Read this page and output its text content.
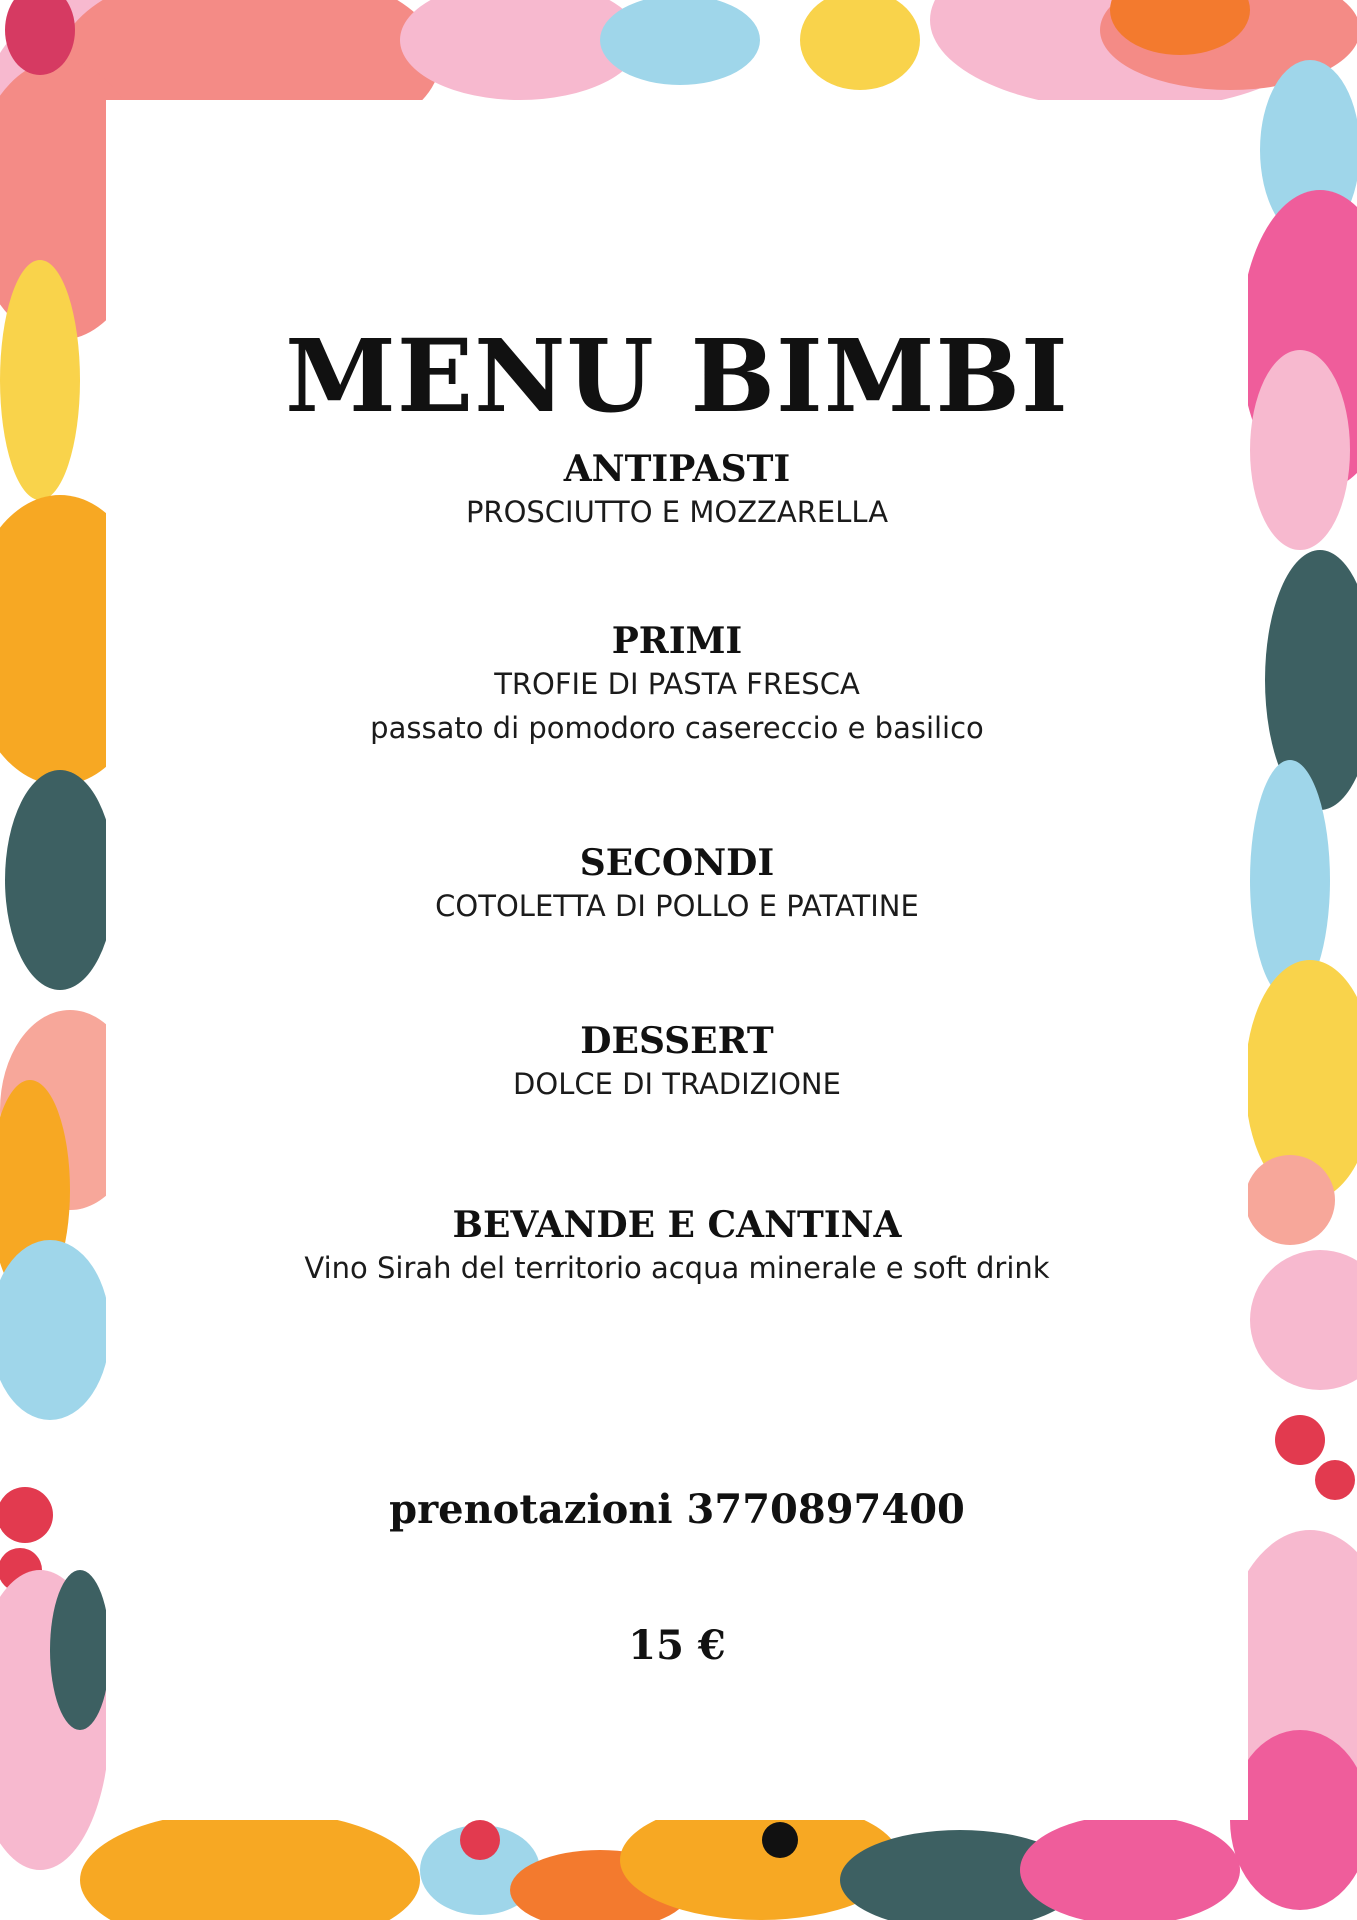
MENU BIMBI
ANTIPASTI

PROSCIUTTO E MOZZARELLA

PRIMI

TROFIE DI PASTA FRESCA

passato di pomodoro casereccio e basilico

SECONDI

COTOLETTA DI POLLO E PATATINE

DESSERT

DOLCE DI TRADIZIONE

BEVANDE E CANTINA

Vino Sirah del territorio acqua minerale e soft drink

prenotazioni 3770897400

15 €
